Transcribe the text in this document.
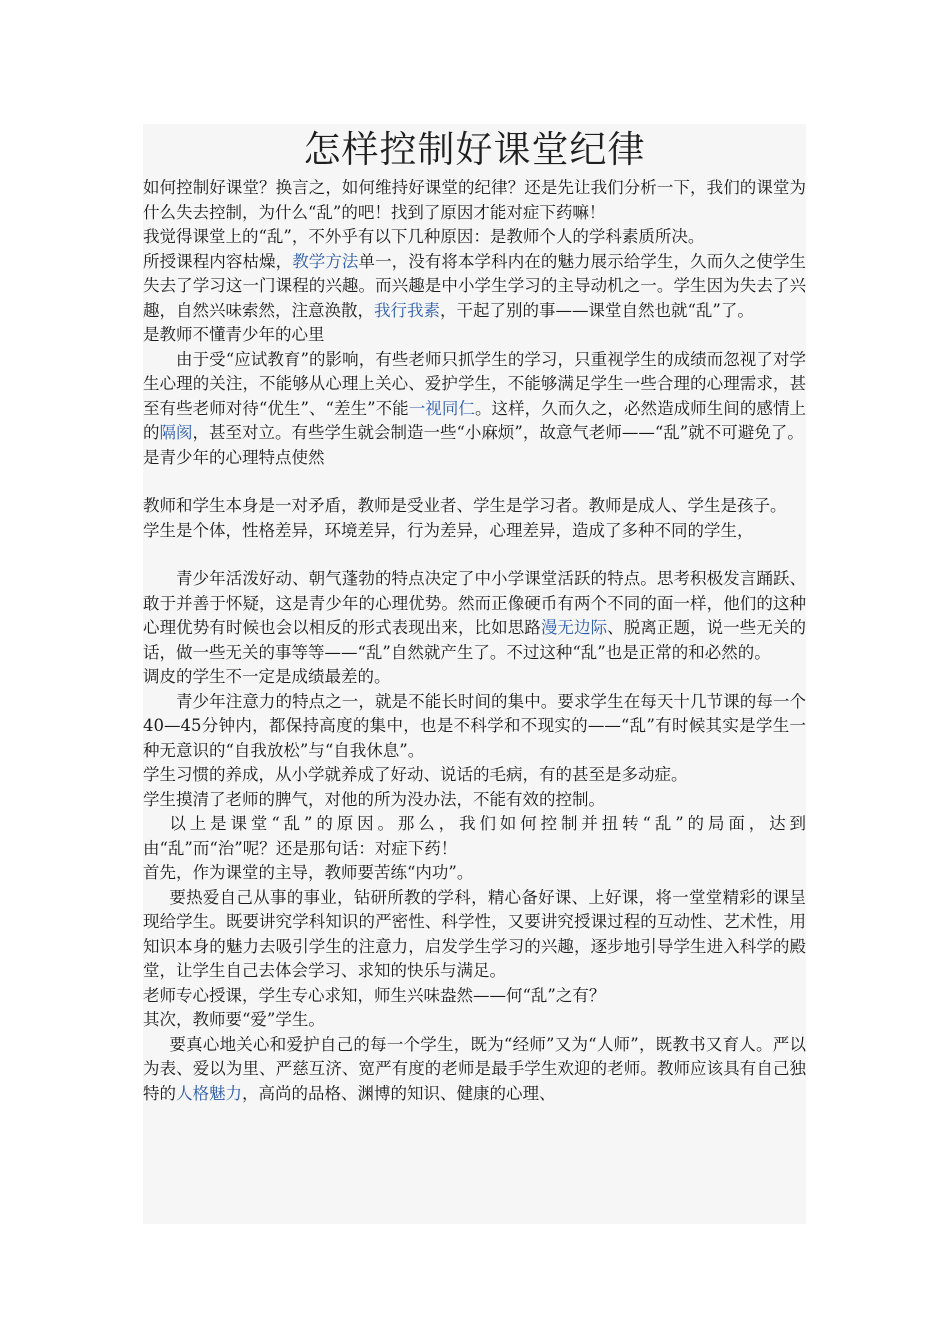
怎样控制好课堂纪律

如何控制好课堂？换言之，如何维持好课堂的纪律？还是先让我们分析一下，我们的课堂为什么失去控制，为什么“乱”的吧！找到了原因才能对症下药嘛！

我觉得课堂上的“乱”，不外乎有以下几种原因：是教师个人的学科素质所决。

所授课程内容枯燥，教学方法单一，没有将本学科内在的魅力展示给学生，久而久之使学生失去了学习这一门课程的兴趣。而兴趣是中小学生学习的主导动机之一。学生因为失去了兴趣，自然兴味索然，注意涣散，我行我素，干起了别的事——课堂自然也就“乱”了。

是教师不懂青少年的心里

由于受“应试教育”的影响，有些老师只抓学生的学习，只重视学生的成绩而忽视了对学生心理的关注，不能够从心理上关心、爱护学生，不能够满足学生一些合理的心理需求，甚至有些老师对待“优生”、“差生”不能一视同仁。这样，久而久之，必然造成师生间的感情上的隔阂，甚至对立。有些学生就会制造一些“小麻烦”，故意气老师——“乱”就不可避免了。

是青少年的心理特点使然

教师和学生本身是一对矛盾，教师是受业者、学生是学习者。教师是成人、学生是孩子。

学生是个体，性格差异，环境差异，行为差异，心理差异，造成了多种不同的学生，

青少年活泼好动、朝气蓬勃的特点决定了中小学课堂活跃的特点。思考积极发言踊跃、敢于并善于怀疑，这是青少年的心理优势。然而正像硬币有两个不同的面一样，他们的这种心理优势有时候也会以相反的形式表现出来，比如思路漫无边际、脱离正题，说一些无关的话，做一些无关的事等等——“乱”自然就产生了。不过这种“乱”也是正常的和必然的。

调皮的学生不一定是成绩最差的。

青少年注意力的特点之一，就是不能长时间的集中。要求学生在每天十几节课的每一个40—45分钟内，都保持高度的集中，也是不科学和不现实的——“乱”有时候其实是学生一种无意识的“自我放松”与“自我休息”。

学生习惯的养成，从小学就养成了好动、说话的毛病，有的甚至是多动症。

学生摸清了老师的脾气，对他的所为没办法，不能有效的控制。

以上是课堂“乱”的原因。那么，我们如何控制并扭转“乱”的局面，达到由“乱”而“治”呢？还是那句话：对症下药！

首先，作为课堂的主导，教师要苦练“内功”。

要热爱自己从事的事业，钻研所教的学科，精心备好课、上好课，将一堂堂精彩的课呈现给学生。既要讲究学科知识的严密性、科学性，又要讲究授课过程的互动性、艺术性，用知识本身的魅力去吸引学生的注意力，启发学生学习的兴趣，逐步地引导学生进入科学的殿堂，让学生自己去体会学习、求知的快乐与满足。

老师专心授课，学生专心求知，师生兴味盎然——何“乱”之有？

其次，教师要“爱”学生。

要真心地关心和爱护自己的每一个学生，既为“经师”又为“人师”，既教书又育人。严以为表、爱以为里、严慈互济、宽严有度的老师是最手学生欢迎的老师。教师应该具有自己独特的人格魅力，高尚的品格、渊博的知识、健康的心理、
